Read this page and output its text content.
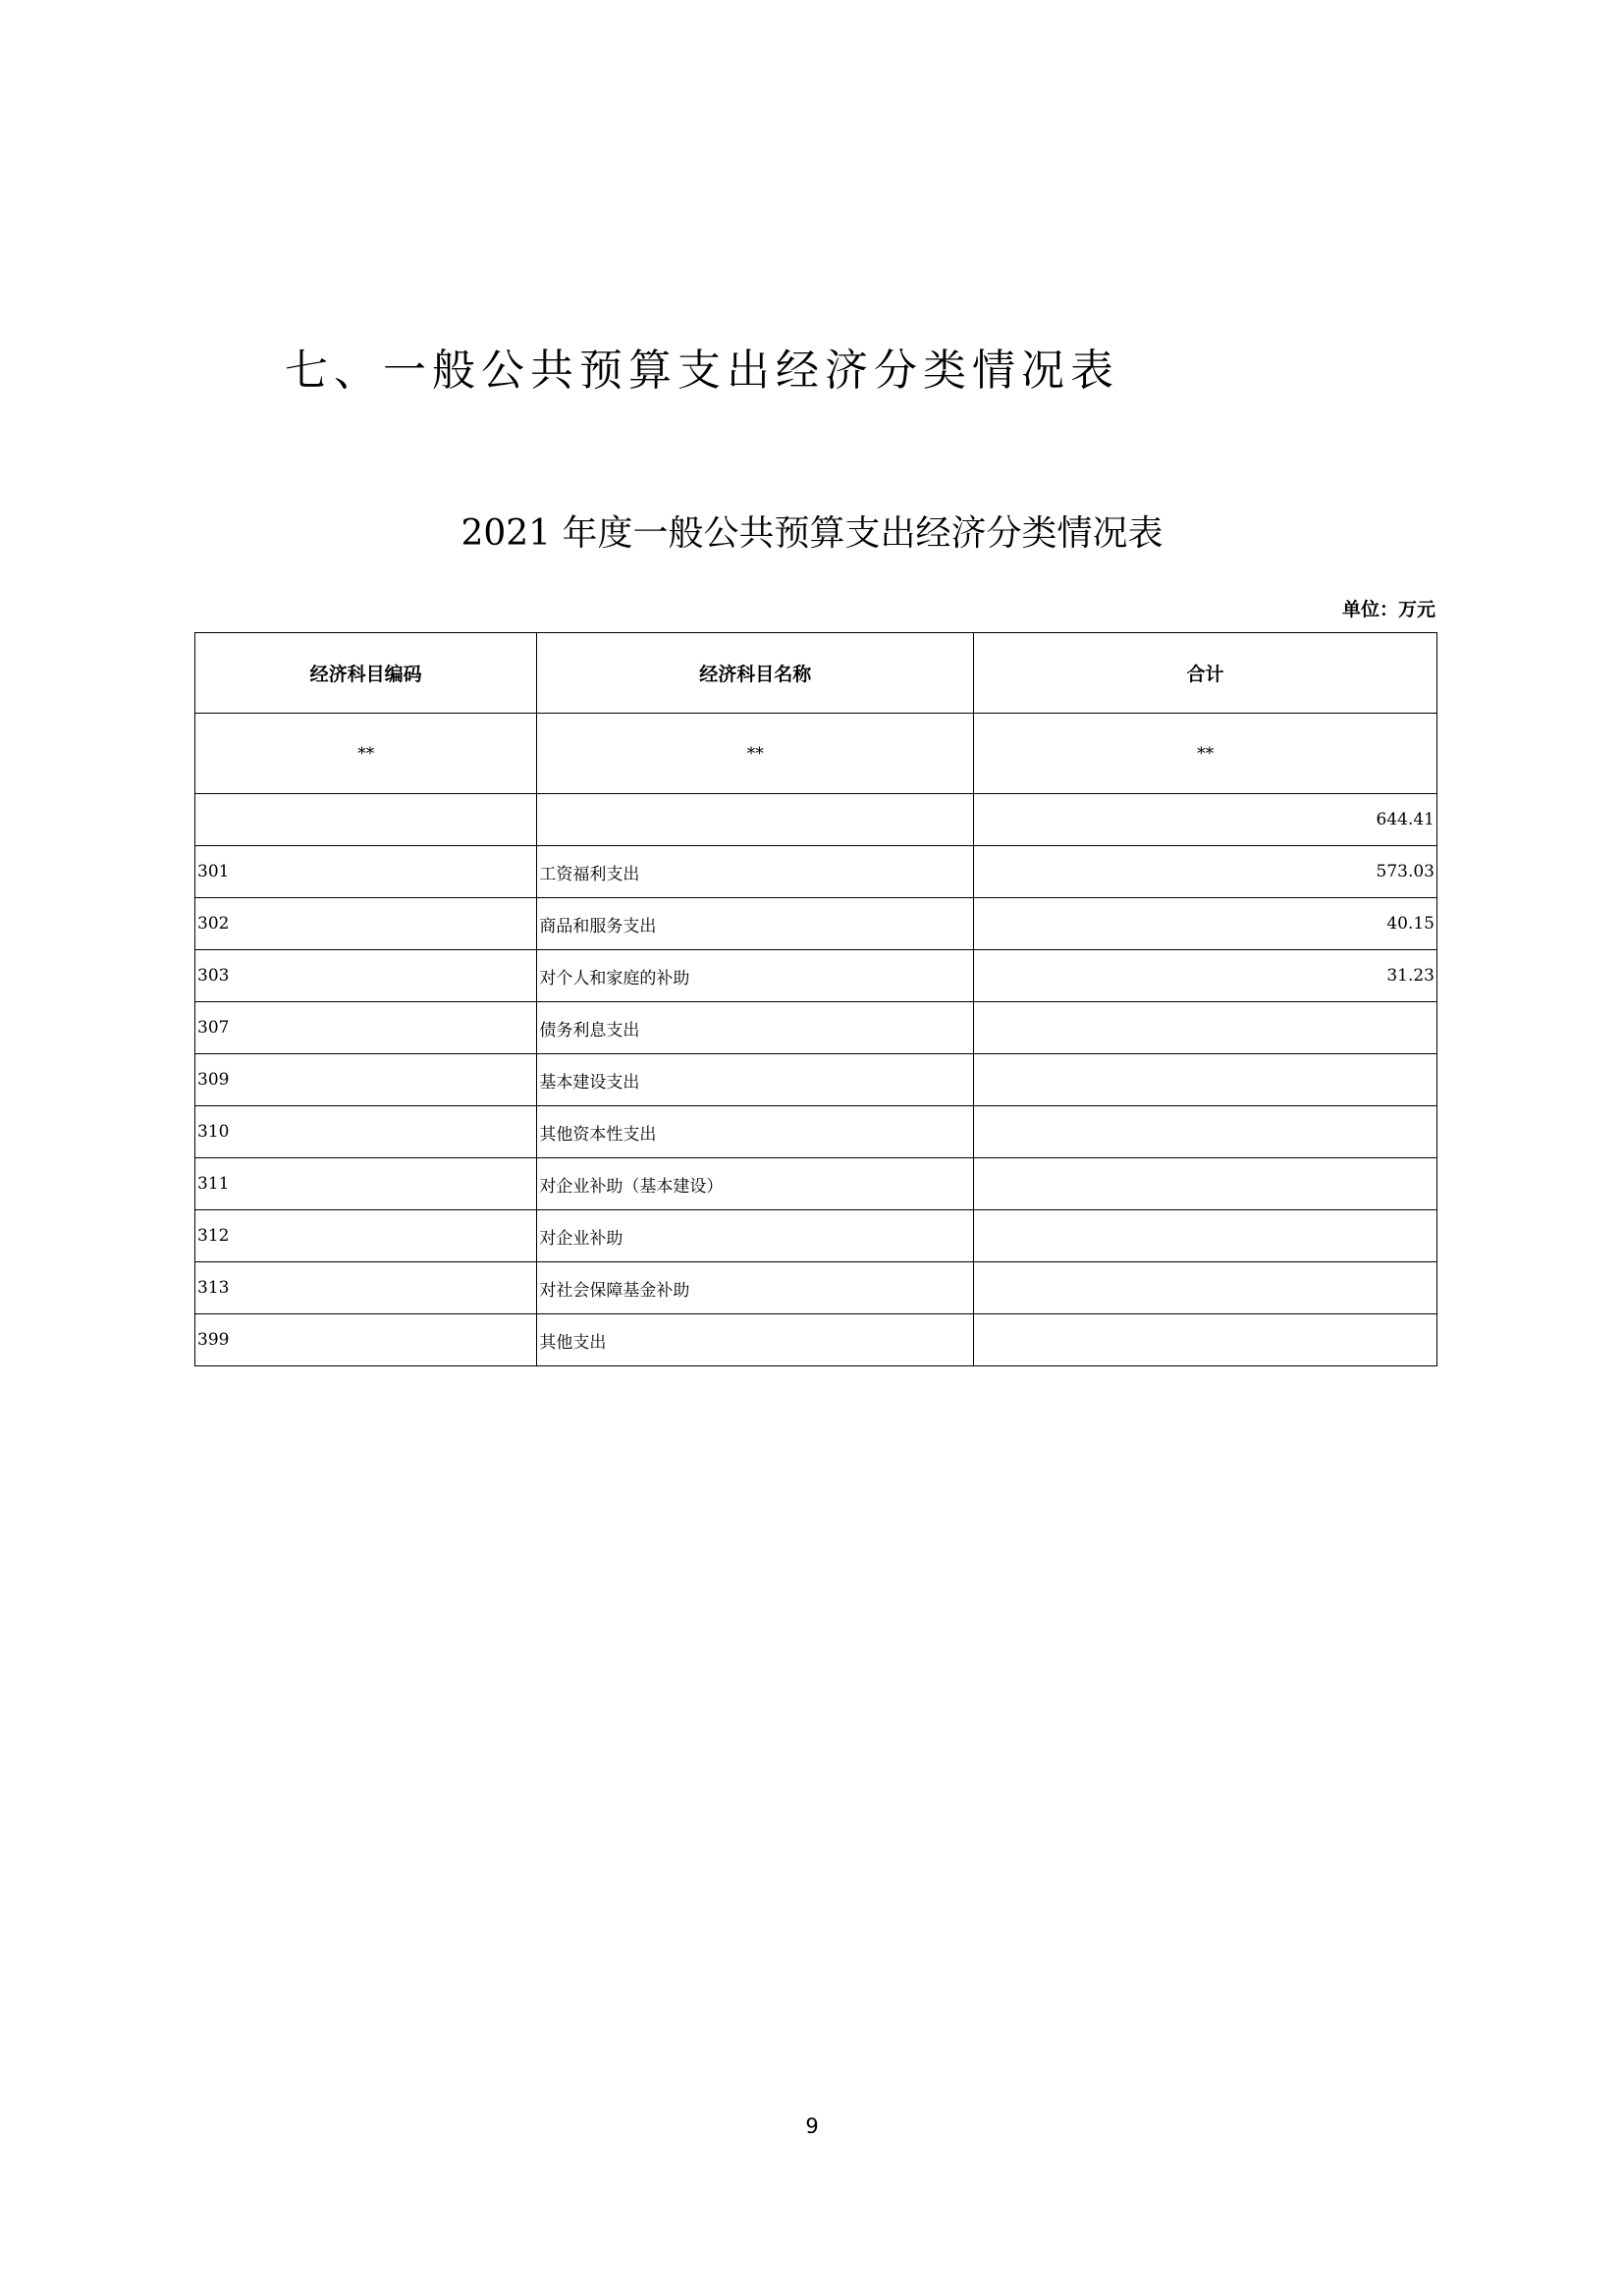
七、一般公共预算支出经济分类情况表
2021 年度一般公共预算支出经济分类情况表
单位：万元
经济科目编码	经济科目名称	合计
**	**	**
		644.41
301	工资福利支出	573.03
302	商品和服务支出	40.15
303	对个人和家庭的补助	31.23
307	债务利息支出	
309	基本建设支出	
310	其他资本性支出	
311	对企业补助（基本建设）	
312	对企业补助	
313	对社会保障基金补助	
399	其他支出	
9
